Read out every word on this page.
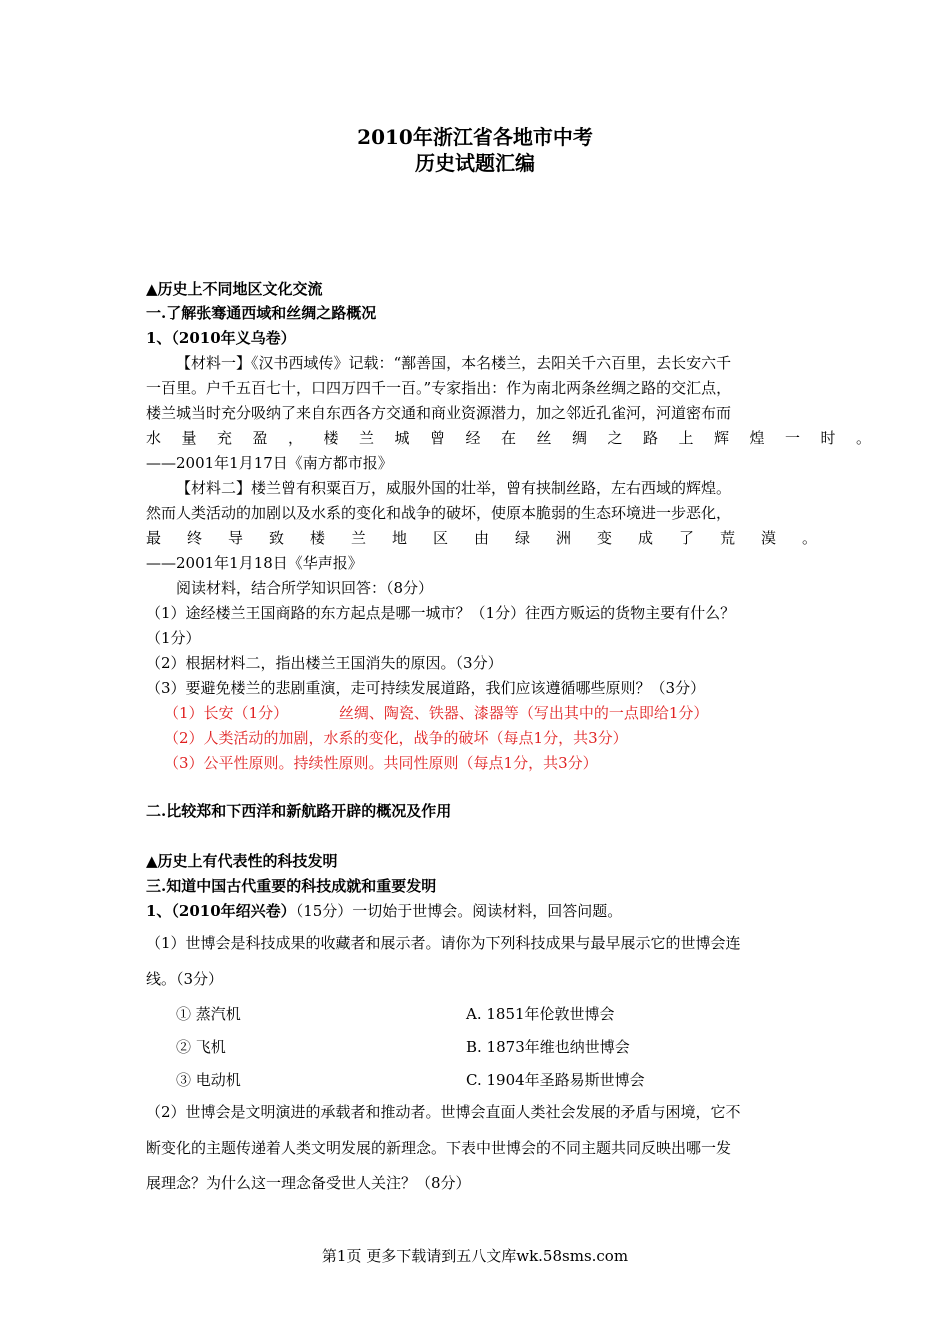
2010年浙江省各地市中考
历史试题汇编
▲历史上不同地区文化交流
一.了解张骞通西域和丝绸之路概况
1、（2010年义乌卷）
【材料一】《汉书西域传》记载：“鄯善国，本名楼兰，去阳关千六百里，去长安六千
一百里。户千五百七十，口四万四千一百。”专家指出：作为南北两条丝绸之路的交汇点，
楼兰城当时充分吸纳了来自东西各方交通和商业资源潜力，加之邻近孔雀河，河道密布而
水量充盈，楼兰城曾经在丝绸之路上辉煌一时。
——2001年1月17日《南方都市报》
【材料二】楼兰曾有积粟百万，威服外国的壮举，曾有挟制丝路，左右西域的辉煌。
然而人类活动的加剧以及水系的变化和战争的破坏，使原本脆弱的生态环境进一步恶化，
最终导致楼兰地区由绿洲变成了荒漠。
——2001年1月18日《华声报》
阅读材料，结合所学知识回答：（8分）
（1）途经楼兰王国商路的东方起点是哪一城市？（1分）往西方贩运的货物主要有什么？
（1分）
（2）根据材料二，指出楼兰王国消失的原因。（3分）
（3）要避免楼兰的悲剧重演，走可持续发展道路，我们应该遵循哪些原则？（3分）
（1）长安（1分）	丝绸、陶瓷、铁器、漆器等（写出其中的一点即给1分）
（2）人类活动的加剧，水系的变化，战争的破坏（每点1分，共3分）
（3）公平性原则。持续性原则。共同性原则（每点1分，共3分）
二.比较郑和下西洋和新航路开辟的概况及作用
▲历史上有代表性的科技发明
三.知道中国古代重要的科技成就和重要发明
1、（2010年绍兴卷）（15分）一切始于世博会。阅读材料，回答问题。
（1）世博会是科技成果的收藏者和展示者。请你为下列科技成果与最早展示它的世博会连
线。（3分）
① 蒸汽机	A. 1851年伦敦世博会
② 飞机	B. 1873年维也纳世博会
③ 电动机	C. 1904年圣路易斯世博会
（2）世博会是文明演进的承载者和推动者。世博会直面人类社会发展的矛盾与困境，它不
断变化的主题传递着人类文明发展的新理念。下表中世博会的不同主题共同反映出哪一发
展理念？为什么这一理念备受世人关注？（8分）
第1页 更多下载请到五八文库wk.58sms.com
